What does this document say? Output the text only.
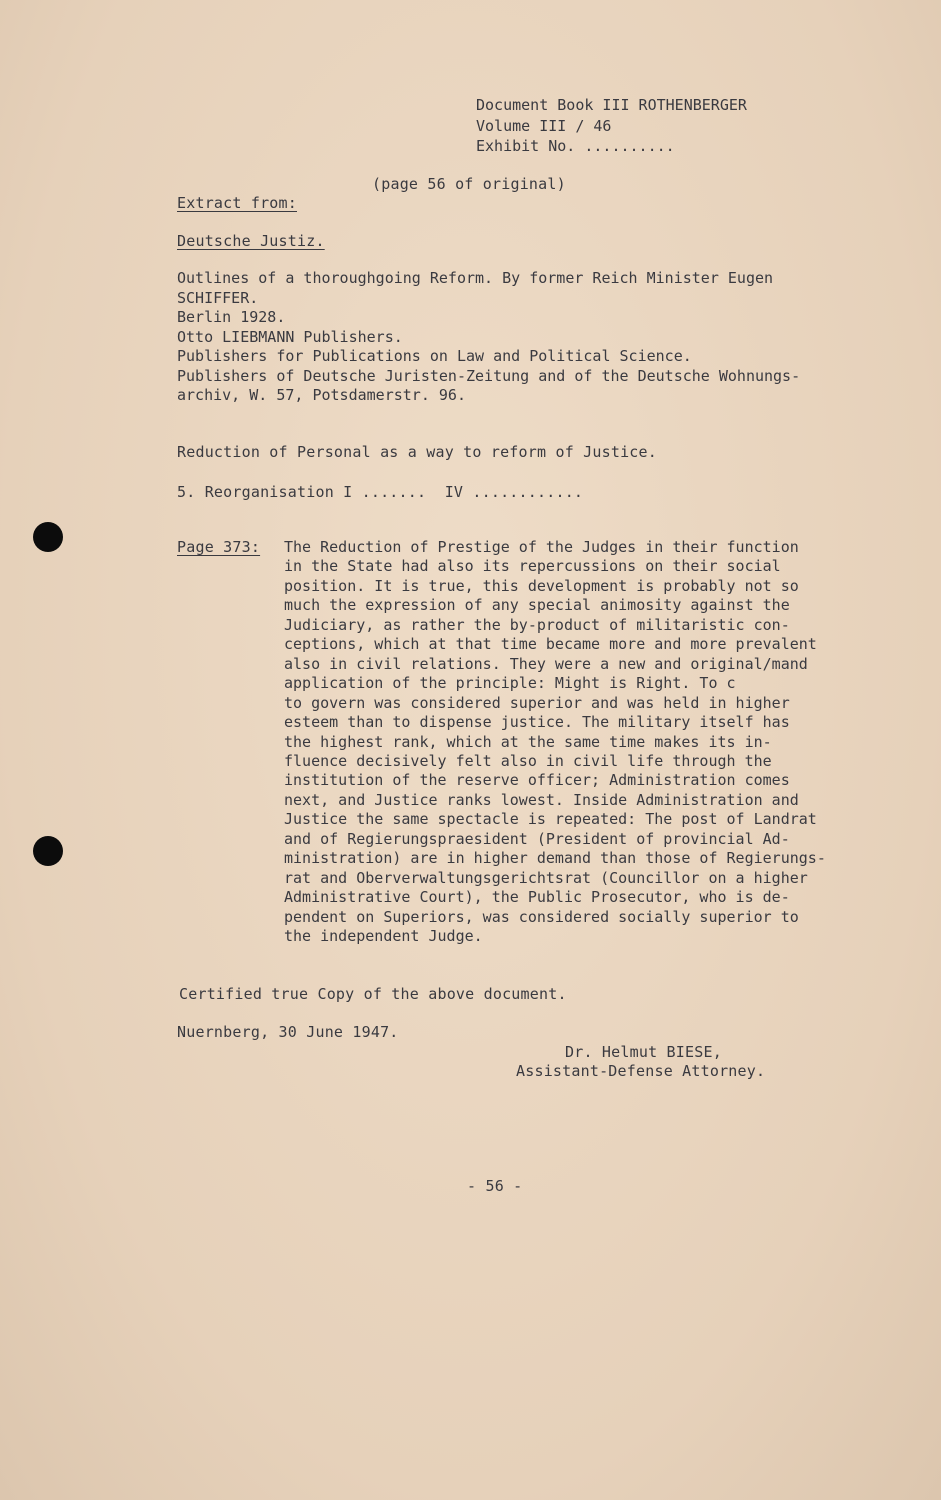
Document Book III ROTHENBERGER
Volume III / 46
Exhibit No. ..........
(page 56 of original)
Extract from:
Deutsche Justiz.
Outlines of a thoroughgoing Reform. By former Reich Minister Eugen
SCHIFFER.
Berlin 1928.
Otto LIEBMANN Publishers.
Publishers for Publications on Law and Political Science.
Publishers of Deutsche Juristen-Zeitung and of the Deutsche Wohnungs-
archiv, W. 57, Potsdamerstr. 96.
Reduction of Personal as a way to reform of Justice.
5. Reorganisation I .......  IV ............
Page 373: The Reduction of Prestige of the Judges in their function
in the State had also its repercussions on their social
position. It is true, this development is probably not so
much the expression of any special animosity against the
Judiciary, as rather the by-product of militaristic con-
ceptions, which at that time became more and more prevalent
also in civil relations. They were a new and original/mand
application of the principle: Might is Right. To c
to govern was considered superior and was held in higher
esteem than to dispense justice. The military itself has
the highest rank, which at the same time makes its in-
fluence decisively felt also in civil life through the
institution of the reserve officer; Administration comes
next, and Justice ranks lowest. Inside Administration and
Justice the same spectacle is repeated: The post of Landrat
and of Regierungspraesident (President of provincial Ad-
ministration) are in higher demand than those of Regierungs-
rat and Oberverwaltungsgerichtsrat (Councillor on a higher
Administrative Court), the Public Prosecutor, who is de-
pendent on Superiors, was considered socially superior to
the independent Judge.
Certified true Copy of the above document.
Nuernberg, 30 June 1947.
Dr. Helmut BIESE,
Assistant-Defense Attorney.
- 56 -
